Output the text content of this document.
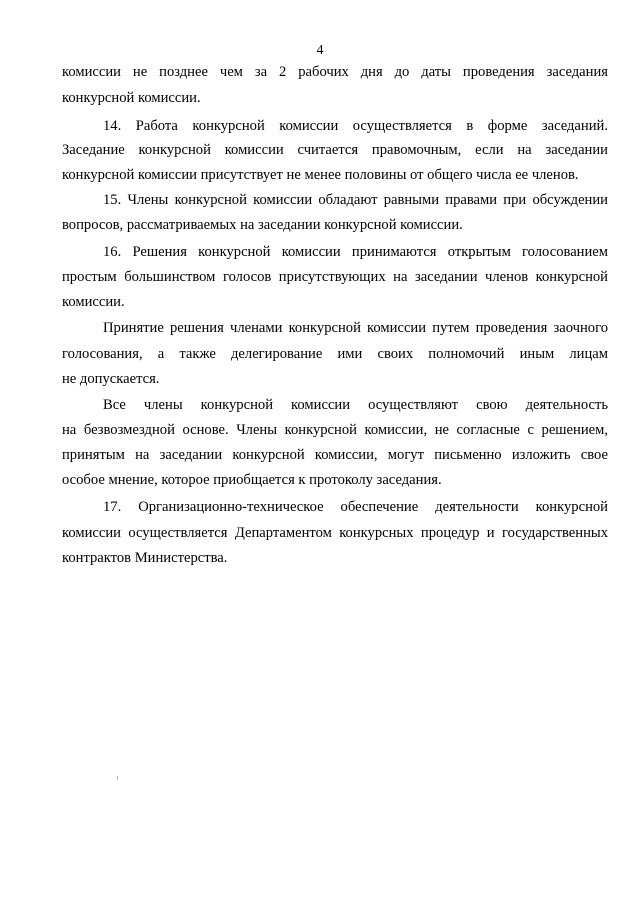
4
комиссии не позднее чем за 2 рабочих дня до даты проведения заседания
конкурсной комиссии.
14. Работа конкурсной комиссии осуществляется в форме заседаний.
Заседание конкурсной комиссии считается правомочным, если на заседании
конкурсной комиссии присутствует не менее половины от общего числа ее членов.
15. Члены конкурсной комиссии обладают равными правами при обсуждении
вопросов, рассматриваемых на заседании конкурсной комиссии.
16. Решения конкурсной комиссии принимаются открытым голосованием
простым большинством голосов присутствующих на заседании членов конкурсной
комиссии.
Принятие решения членами конкурсной комиссии путем проведения заочного
голосования, а также делегирование ими своих полномочий иным лицам
не допускается.
Все члены конкурсной комиссии осуществляют свою деятельность
на безвозмездной основе. Члены конкурсной комиссии, не согласные с решением,
принятым на заседании конкурсной комиссии, могут письменно изложить свое
особое мнение, которое приобщается к протоколу заседания.
17. Организационно-техническое обеспечение деятельности конкурсной
комиссии осуществляется Департаментом конкурсных процедур и государственных
контрактов Министерства.
